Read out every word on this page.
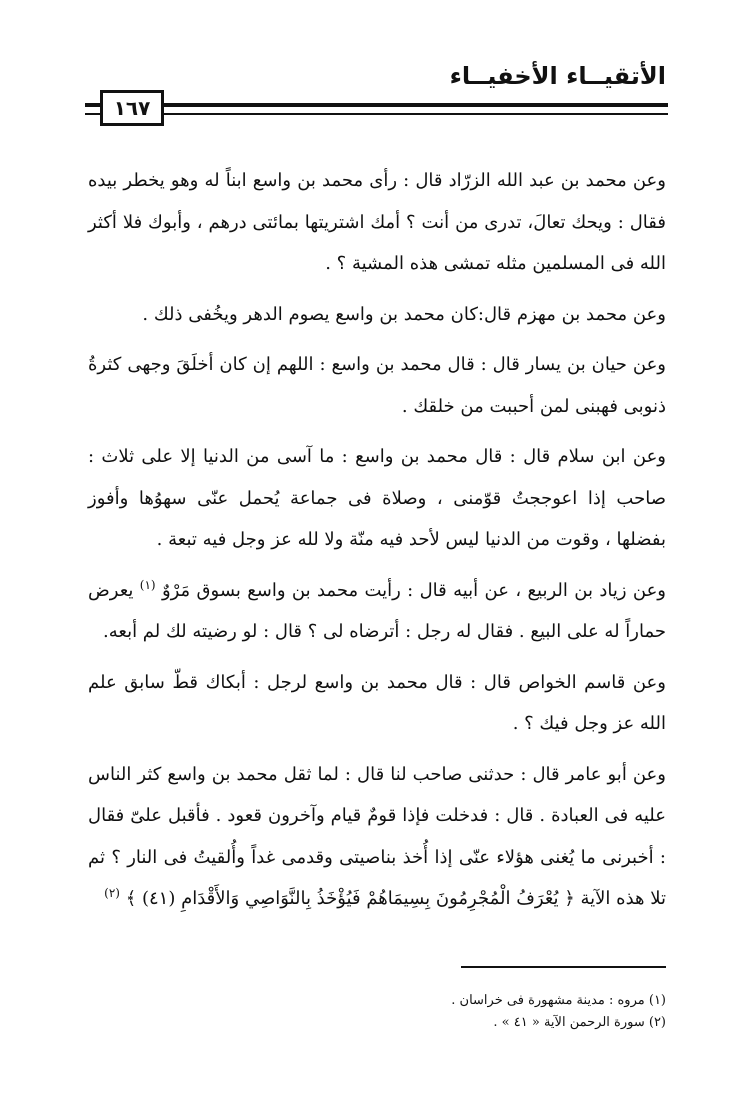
الأتقيــاء الأخفيــاء
١٦٧

وعن محمد بن عبد الله الزرّاد قال : رأى محمد بن واسع ابناً له وهو يخطر بيده فقال : ويحك تعالَ، تدرى من أنت ؟ أمك اشتريتها بمائتى درهم ، وأبوك فلا أكثر الله فى المسلمين مثله تمشى هذه المشية ؟ .

وعن محمد بن مهزم قال:كان محمد بن واسع يصوم الدهر ويخُفى ذلك .

وعن حيان بن يسار قال : قال محمد بن واسع : اللهم إن كان أخلَقَ وجهى كثرةُ ذنوبى فهبنى لمن أحببت من خلقك .

وعن ابن سلام قال : قال محمد بن واسع : ما آسى من الدنيا إلا على ثلاث : صاحب إذا اعوججتُ قوّمنى ، وصلاة فى جماعة يُحمل عنّى سهوُها وأفوز بفضلها ، وقوت من الدنيا ليس لأحد فيه منّة ولا لله عز وجل فيه تبعة .

وعن زياد بن الربيع ، عن أبيه قال : رأيت محمد بن واسع بسوق مَرْوٌ $^{(١)}$ يعرض حماراً له على البيع . فقال له رجل : أترضاه لى ؟ قال : لو رضيته لك لم أبعه.

وعن قاسم الخواص قال : قال محمد بن واسع لرجل : أبكاك قطّ سابق علم الله عز وجل فيك ؟ .

وعن أبو عامر قال : حدثنى صاحب لنا قال : لما ثقل محمد بن واسع كثر الناس عليه فى العبادة . قال : فدخلت فإذا قومٌ قيام وآخرون قعود . فأقبل علىّ فقال : أخبرنى ما يُغنى هؤلاء عنّى إذا أُخذ بناصيتى وقدمى غداً وأُلقيتُ فى النار ؟ ثم تلا هذه الآية ﴿ يُعْرَفُ الْمُجْرِمُونَ بِسِيمَاهُمْ فَيُؤْخَذُ بِالنَّوَاصِي وَالأَقْدَامِ (٤١) ﴾ $^{(٢)}$

(١) مروه : مدينة مشهورة فى خراسان .
(٢) سورة الرحمن الآية « ٤١ » .
